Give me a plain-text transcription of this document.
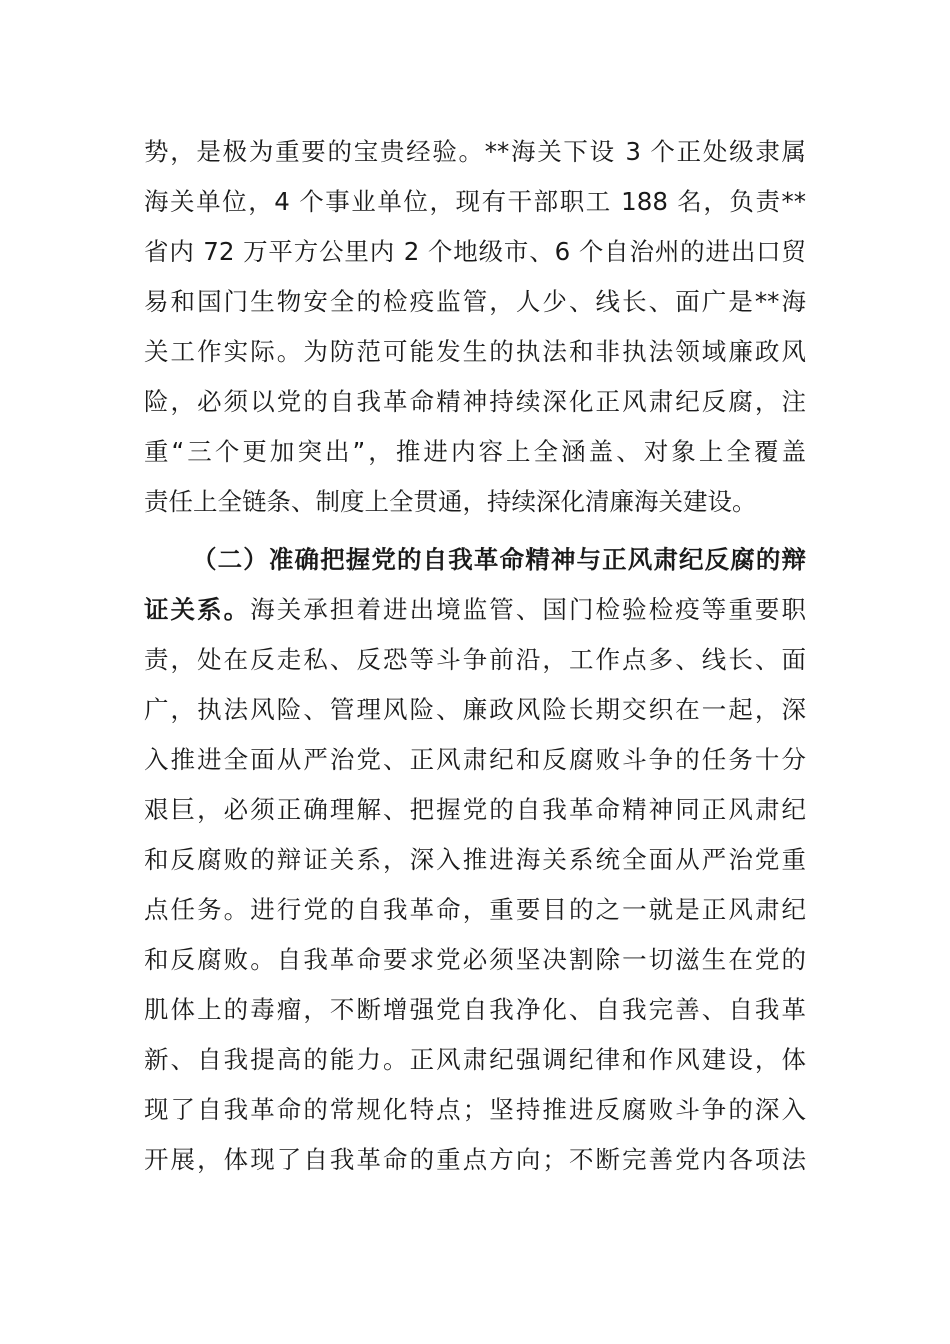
势，是极为重要的宝贵经验。**海关下设 3 个正处级隶属
海关单位，4 个事业单位，现有干部职工 188 名，负责**
省内 72 万平方公里内 2 个地级市、6 个自治州的进出口贸
易和国门生物安全的检疫监管，人少、线长、面广是**海
关工作实际。为防范可能发生的执法和非执法领域廉政风
险，必须以党的自我革命精神持续深化正风肃纪反腐，注
重“三个更加突出”，推进内容上全涵盖、对象上全覆盖
责任上全链条、制度上全贯通，持续深化清廉海关建设。
（二）准确把握党的自我革命精神与正风肃纪反腐的辩
证关系。海关承担着进出境监管、国门检验检疫等重要职
责，处在反走私、反恐等斗争前沿，工作点多、线长、面
广，执法风险、管理风险、廉政风险长期交织在一起，深
入推进全面从严治党、正风肃纪和反腐败斗争的任务十分
艰巨，必须正确理解、把握党的自我革命精神同正风肃纪
和反腐败的辩证关系，深入推进海关系统全面从严治党重
点任务。进行党的自我革命，重要目的之一就是正风肃纪
和反腐败。自我革命要求党必须坚决割除一切滋生在党的
肌体上的毒瘤，不断增强党自我净化、自我完善、自我革
新、自我提高的能力。正风肃纪强调纪律和作风建设，体
现了自我革命的常规化特点；坚持推进反腐败斗争的深入
开展，体现了自我革命的重点方向；不断完善党内各项法
